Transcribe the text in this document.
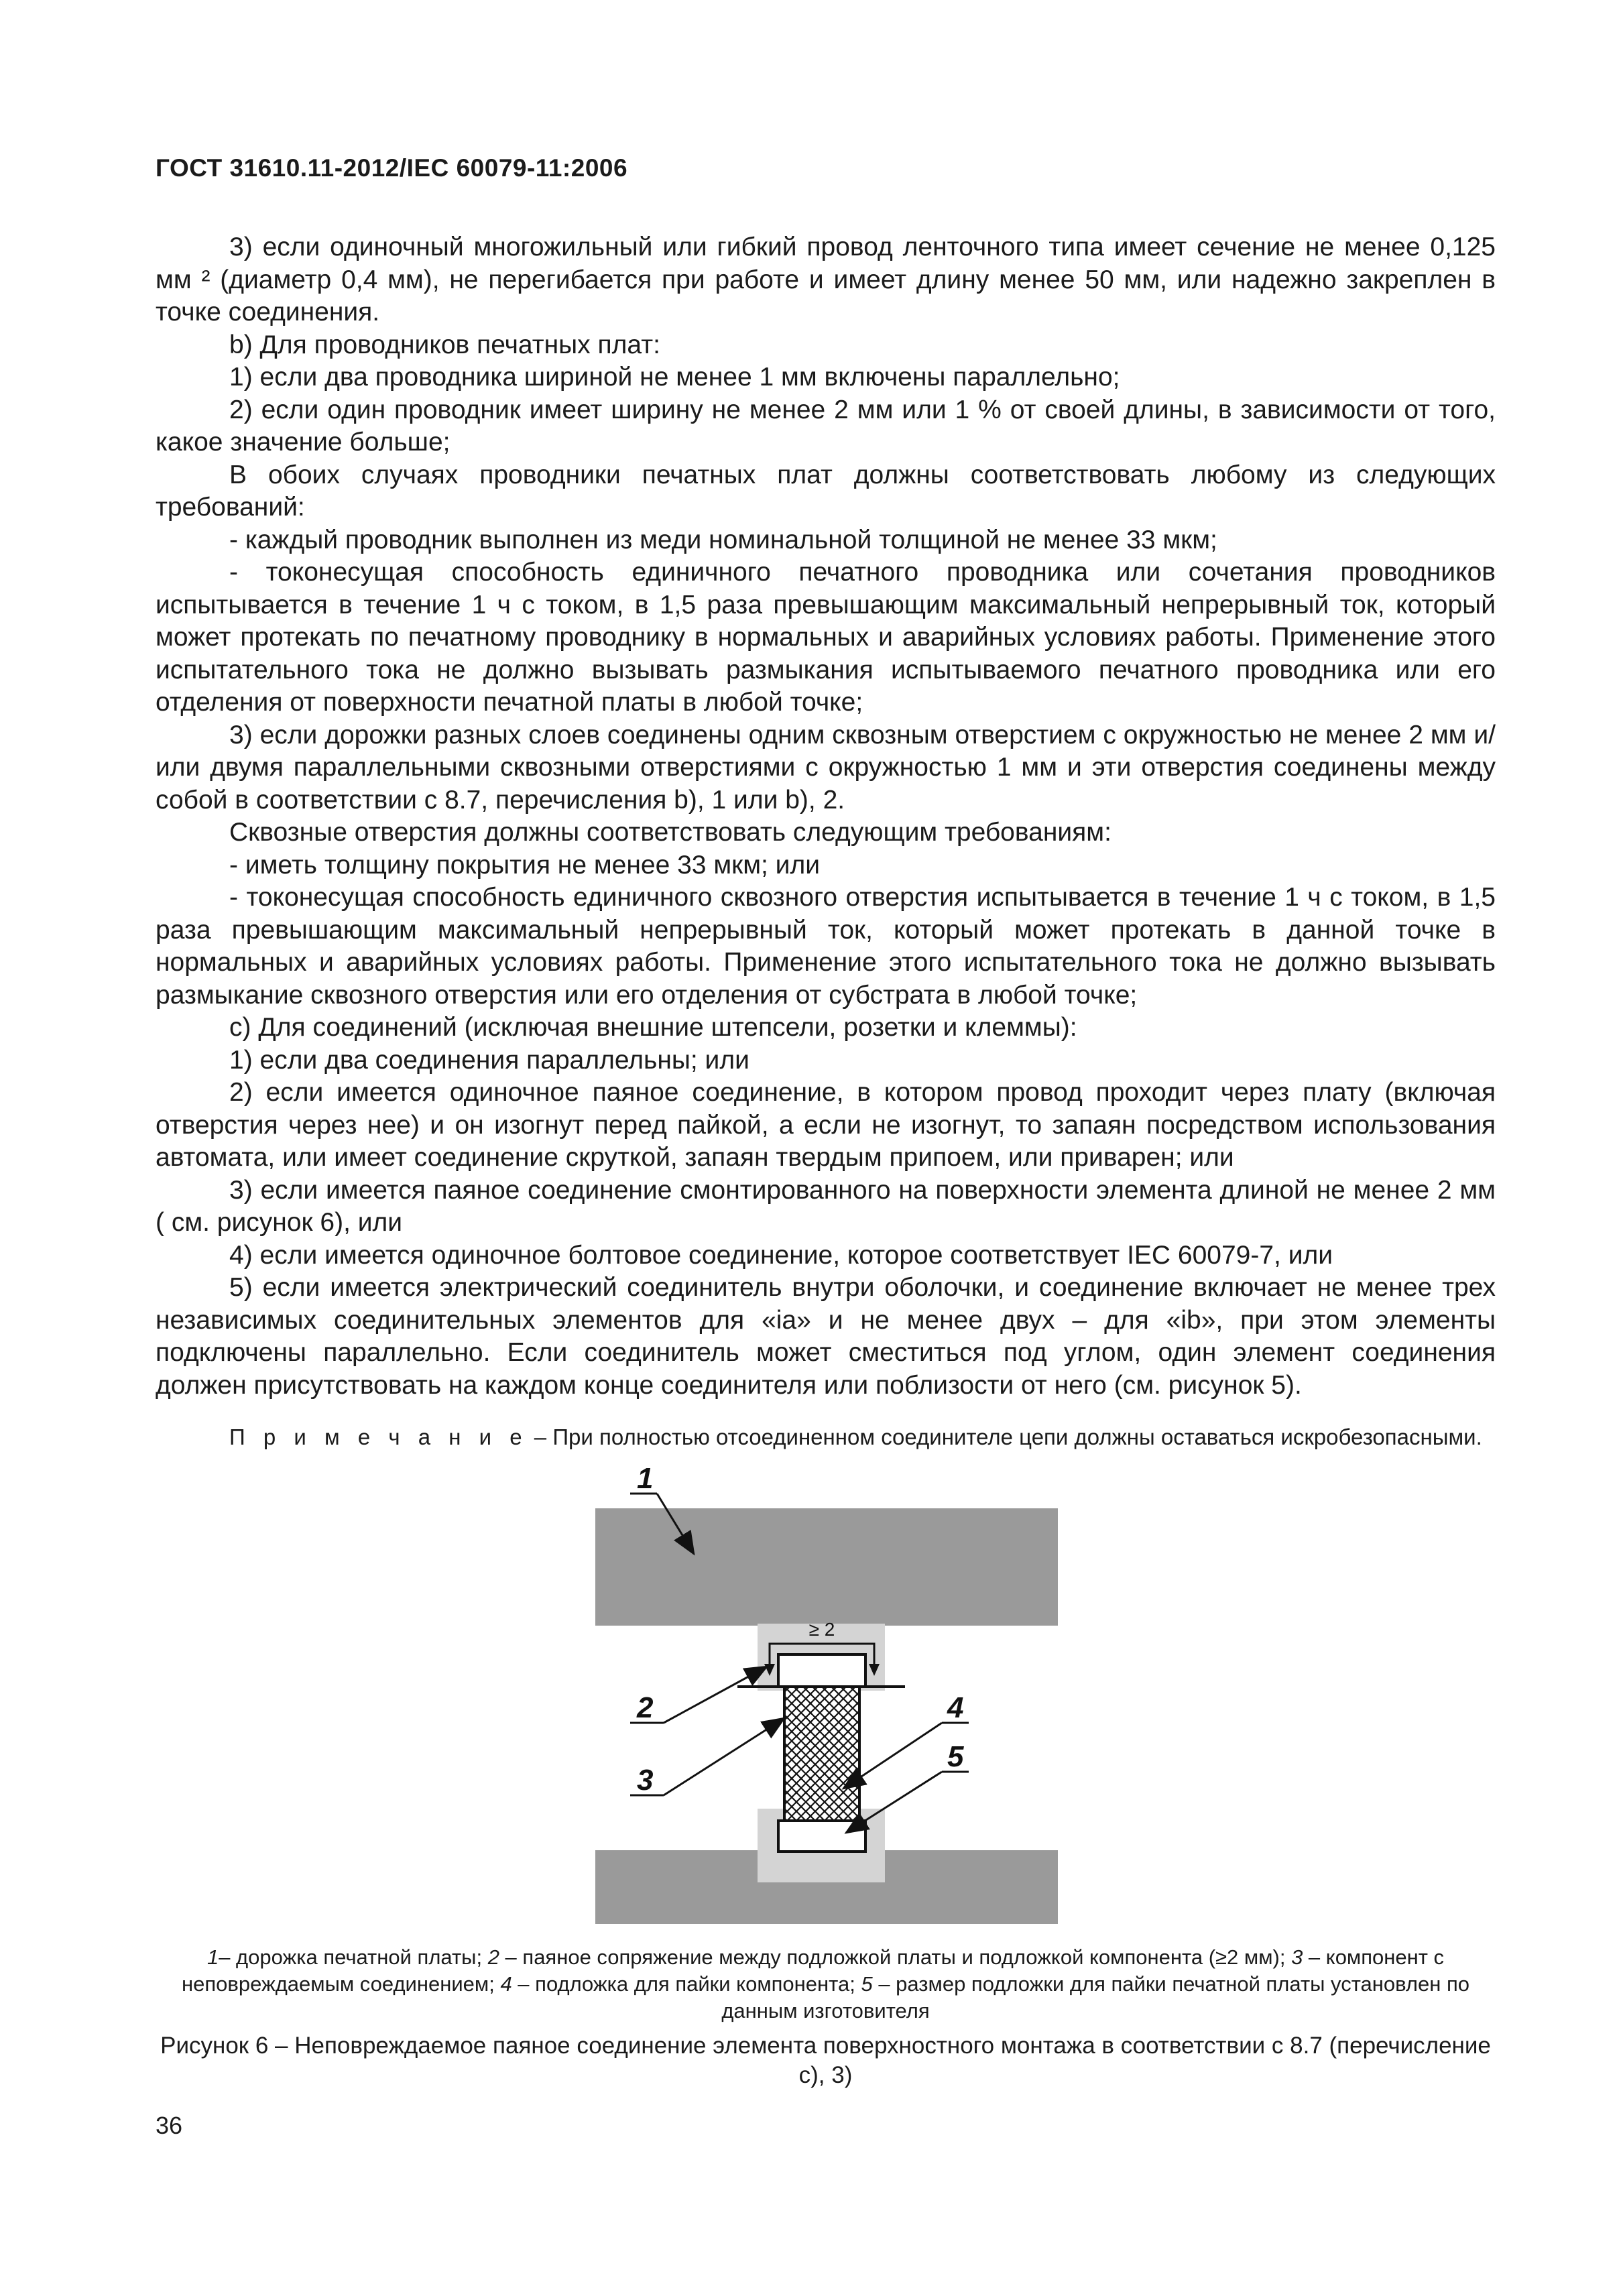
ГОСТ 31610.11-2012/IEC 60079-11:2006

3) если одиночный многожильный или гибкий провод ленточного типа имеет сечение не менее 0,125 мм ² (диаметр 0,4 мм), не перегибается при работе и имеет длину менее 50 мм, или надежно закреплен в точке соединения.

b) Для проводников печатных плат:

1) если два проводника шириной не менее 1 мм включены параллельно;

2) если один проводник имеет ширину не менее 2 мм или 1 % от своей длины, в зависимости от того, какое значение больше;

В обоих случаях проводники печатных плат должны соответствовать любому из следующих требований:

- каждый проводник выполнен из меди номинальной толщиной не менее 33 мкм;

- токонесущая способность единичного печатного проводника или сочетания проводников испытывается в течение 1 ч с током, в 1,5 раза превышающим максимальный непрерывный ток, который может протекать по печатному проводнику в нормальных и аварийных условиях работы. Применение этого испытательного тока не должно вызывать размыкания испытываемого печатного проводника или его отделения от поверхности печатной платы в любой точке;

3) если дорожки разных слоев соединены одним сквозным отверстием с окружностью не менее 2 мм и/или двумя параллельными сквозными отверстиями с окружностью 1 мм и эти отверстия соединены между собой в соответствии с 8.7, перечисления b), 1 или b), 2.

Сквозные отверстия должны соответствовать следующим требованиям:

- иметь толщину покрытия не менее 33 мкм; или

- токонесущая способность единичного сквозного отверстия испытывается в течение 1 ч с током, в 1,5 раза превышающим максимальный непрерывный ток, который может протекать в данной точке в нормальных и аварийных условиях работы. Применение этого испытательного тока не должно вызывать размыкание сквозного отверстия или его отделения от субстрата в любой точке;

с) Для соединений (исключая внешние штепсели, розетки и клеммы):

1) если два соединения параллельны; или

2) если имеется одиночное паяное соединение, в котором провод проходит через плату (включая отверстия через нее) и он изогнут перед пайкой, а если не изогнут, то запаян посредством использования автомата, или имеет соединение скруткой, запаян твердым припоем, или приварен; или

3) если имеется паяное соединение смонтированного на поверхности элемента длиной не менее 2 мм ( см. рисунок 6), или

4) если имеется одиночное болтовое соединение, которое соответствует IEC 60079-7, или

5) если имеется электрический соединитель внутри оболочки, и соединение включает не менее трех независимых соединительных элементов для «ia» и не менее двух – для «ib», при этом элементы подключены параллельно. Если соединитель может сместиться под углом, один элемент соединения должен присутствовать на каждом конце соединителя или поблизости от него (см. рисунок 5).

П р и м е ч а н и е – При полностью отсоединенном соединителе цепи должны оставаться искробезопасными.
≥ 2
1
2
3
4
5
1– дорожка печатной платы; 2 – паяное сопряжение между подложкой платы и подложкой компонента (≥2 мм); 3 – компонент с неповреждаемым соединением; 4 – подложка для пайки компонента; 5 – размер подложки для пайки печатной платы установлен по данным изготовителя
Рисунок 6 – Неповреждаемое паяное соединение элемента поверхностного монтажа в соответствии с 8.7 (перечисление с), 3)
36
